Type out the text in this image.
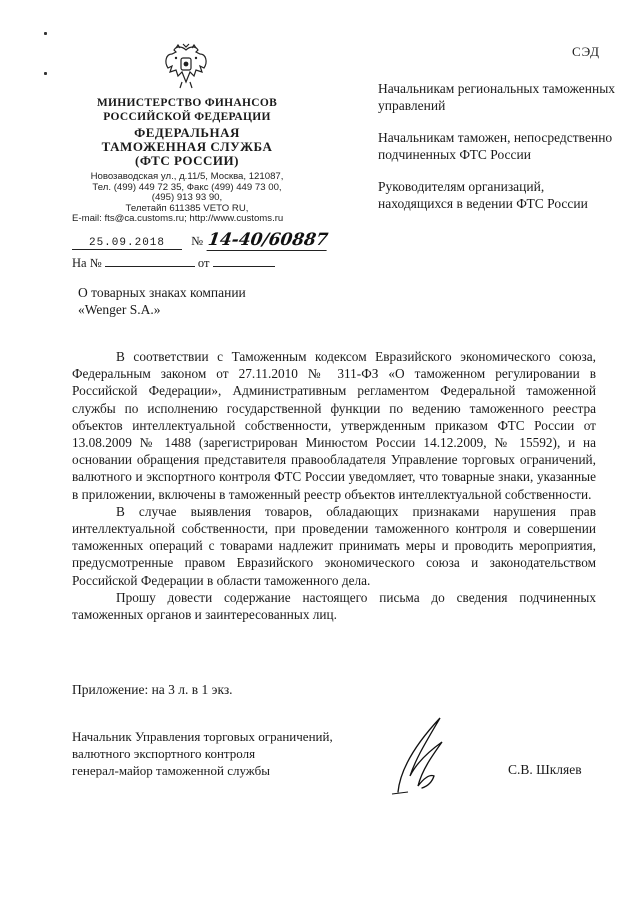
СЭД
МИНИСТЕРСТВО ФИНАНСОВ
РОССИЙСКОЙ ФЕДЕРАЦИИ
ФЕДЕРАЛЬНАЯ
ТАМОЖЕННАЯ СЛУЖБА
(ФТС РОССИИ)
Новозаводская ул., д.11/5, Москва, 121087,
Тел. (499) 449 72 35, Факс (499) 449 73 00,
(495) 913 93 90,
Телетайп 611385 VETO RU,
E-mail: fts@ca.customs.ru; http://www.customs.ru
25.09.2018 № 14-40/60887
На №	от

Начальникам региональных таможенных управлений

Начальникам таможен, непосредственно подчиненных ФТС России

Руководителям организаций, находящихся в ведении ФТС России

О товарных знаках компании
«Wenger S.A.»

В соответствии с Таможенным кодексом Евразийского экономического союза, Федеральным законом от 27.11.2010 № 311-ФЗ «О таможенном регулировании в Российской Федерации», Административным регламентом Федеральной таможенной службы по исполнению государственной функции по ведению таможенного реестра объектов интеллектуальной собственности, утвержденным приказом ФТС России от 13.08.2009 № 1488 (зарегистрирован Минюстом России 14.12.2009, № 15592), и на основании обращения представителя правообладателя Управление торговых ограничений, валютного и экспортного контроля ФТС России уведомляет, что товарные знаки, указанные в приложении, включены в таможенный реестр объектов интеллектуальной собственности.

В случае выявления товаров, обладающих признаками нарушения прав интеллектуальной собственности, при проведении таможенного контроля и совершении таможенных операций с товарами надлежит принимать меры и проводить мероприятия, предусмотренные правом Евразийского экономического союза и законодательством Российской Федерации в области таможенного дела.

Прошу довести содержание настоящего письма до сведения подчиненных таможенных органов и заинтересованных лиц.

Приложение: на 3 л. в 1 экз.
Начальник Управления торговых ограничений,
валютного экспортного контроля
генерал-майор таможенной службы	С.В. Шкляев
